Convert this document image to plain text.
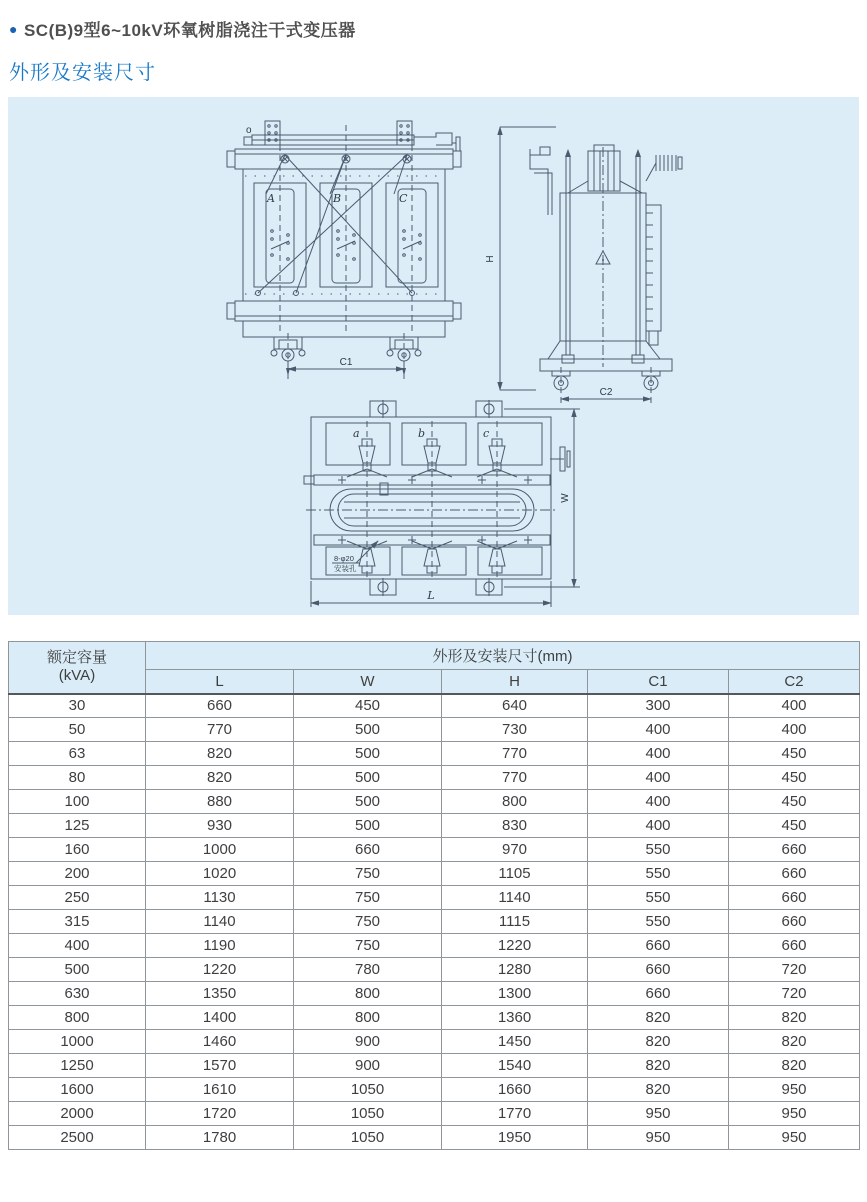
● SC(B)9型6~10kV环氧树脂浇注干式变压器
外形及安装尺寸
o
A	B	C
C1
H
C2
a	b	c
W
L
8-φ20
安装孔
额定容量
(kVA)	外形及安装尺寸(mm)				
	L	W	H	C1	C2
30	660	450	640	300	400
50	770	500	730	400	400
63	820	500	770	400	450
80	820	500	770	400	450
100	880	500	800	400	450
125	930	500	830	400	450
160	1000	660	970	550	660
200	1020	750	1105	550	660
250	1130	750	1140	550	660
315	1140	750	1115	550	660
400	1190	750	1220	660	660
500	1220	780	1280	660	720
630	1350	800	1300	660	720
800	1400	800	1360	820	820
1000	1460	900	1450	820	820
1250	1570	900	1540	820	820
1600	1610	1050	1660	820	950
2000	1720	1050	1770	950	950
2500	1780	1050	1950	950	950
